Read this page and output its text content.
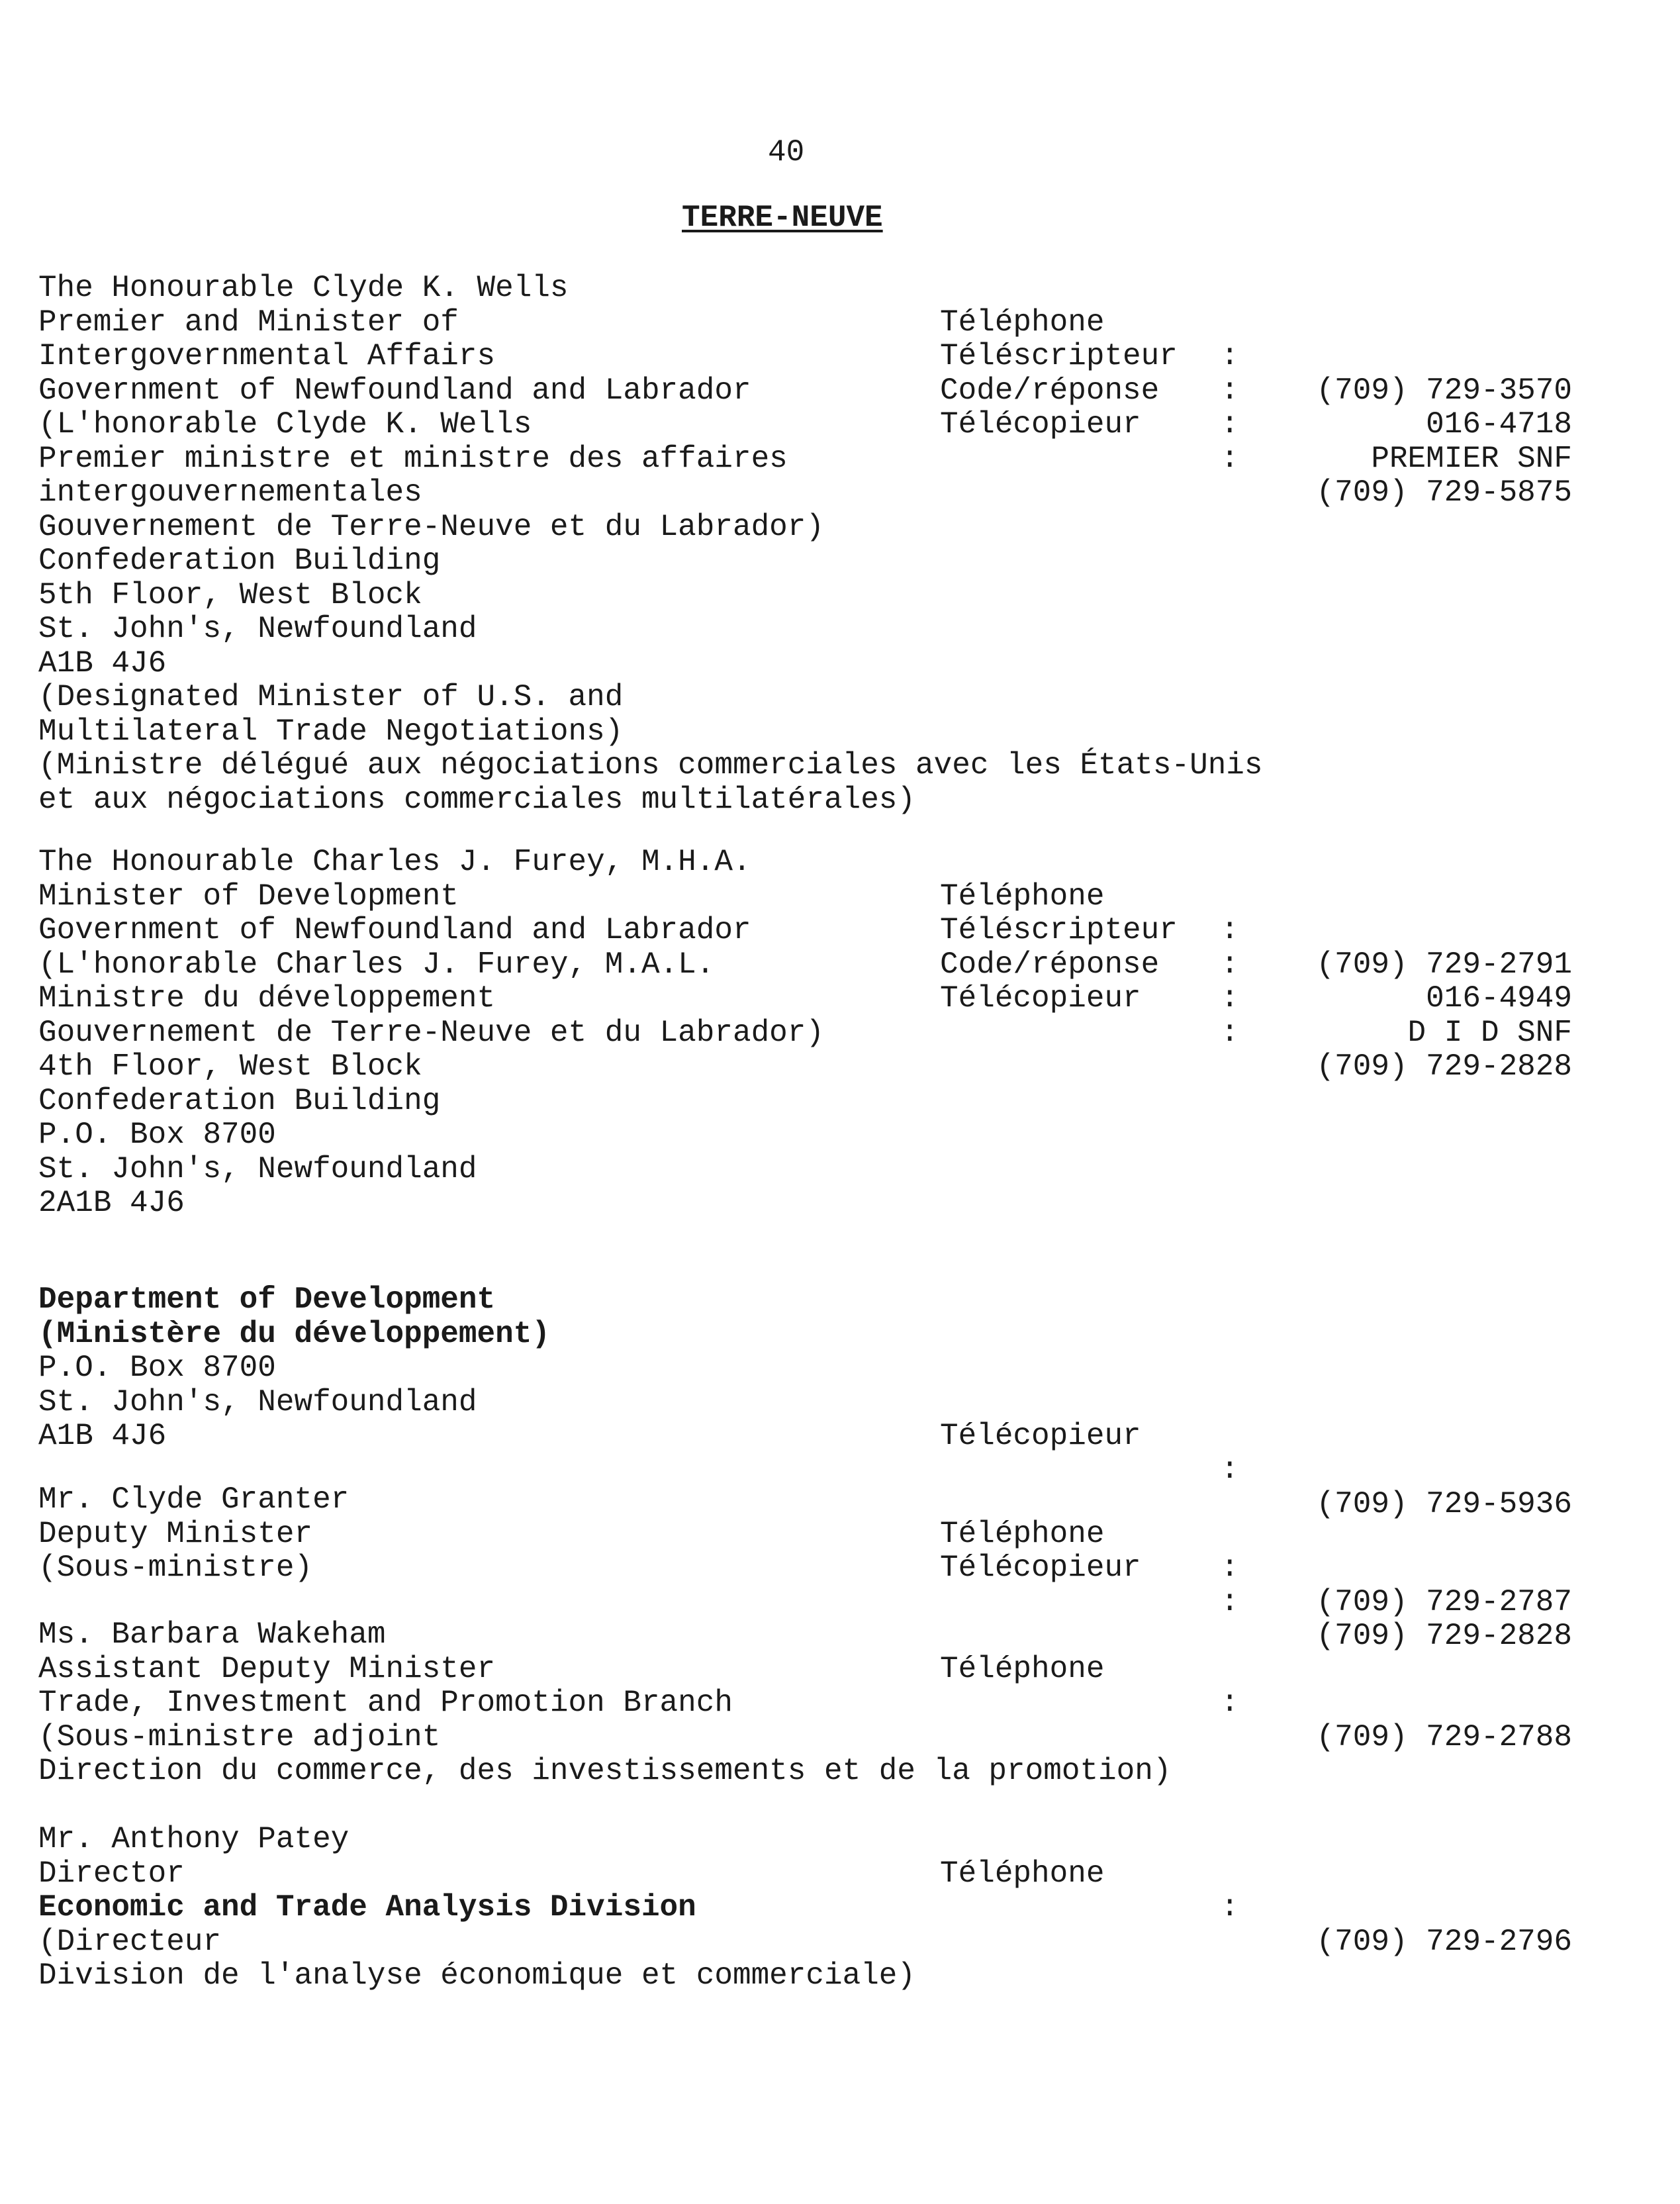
40
TERRE-NEUVE
The Honourable Clyde K. Wells
Premier and Minister of
Intergovernmental Affairs
Government of Newfoundland and Labrador
(L'honorable Clyde K. Wells
Premier ministre et ministre des affaires
intergouvernementales
Gouvernement de Terre-Neuve et du Labrador)
Confederation Building
5th Floor, West Block
St. John's, Newfoundland
A1B 4J6
(Designated Minister of U.S. and
Multilateral Trade Negotiations)
(Ministre délégué aux négociations commerciales avec les États-Unis
et aux négociations commerciales multilatérales)

Téléphone

:

(709) 729-3570

Téléscripteur

:

016-4718

Code/réponse

:

PREMIER SNF

Télécopieur

:

(709) 729-5875

The Honourable Charles J. Furey, M.H.A.
Minister of Development
Government of Newfoundland and Labrador
(L'honorable Charles J. Furey, M.A.L.
Ministre du développement
Gouvernement de Terre-Neuve et du Labrador)
4th Floor, West Block
Confederation Building
P.O. Box 8700
St. John's, Newfoundland
2A1B 4J6

Téléphone

:

(709) 729-2791

Téléscripteur

:

016-4949

Code/réponse

:

D I D SNF

Télécopieur

:

(709) 729-2828

Department of Development
(Ministère du développement)
P.O. Box 8700
St. John's, Newfoundland
A1B 4J6

	Télécopieur

:

(709) 729-5936

Mr. Clyde Granter
Deputy Minister
(Sous-ministre)

Téléphone

:

(709) 729-2787

Télécopieur

:

(709) 729-2828

Ms. Barbara Wakeham
Assistant Deputy Minister
Trade, Investment and Promotion Branch
(Sous-ministre adjoint
Direction du commerce, des investissements et de la promotion)

Téléphone

:

(709) 729-2788

Mr. Anthony Patey
Director
Economic and Trade Analysis Division
(Directeur
Division de l'analyse économique et commerciale)

Téléphone

:

(709) 729-2796
